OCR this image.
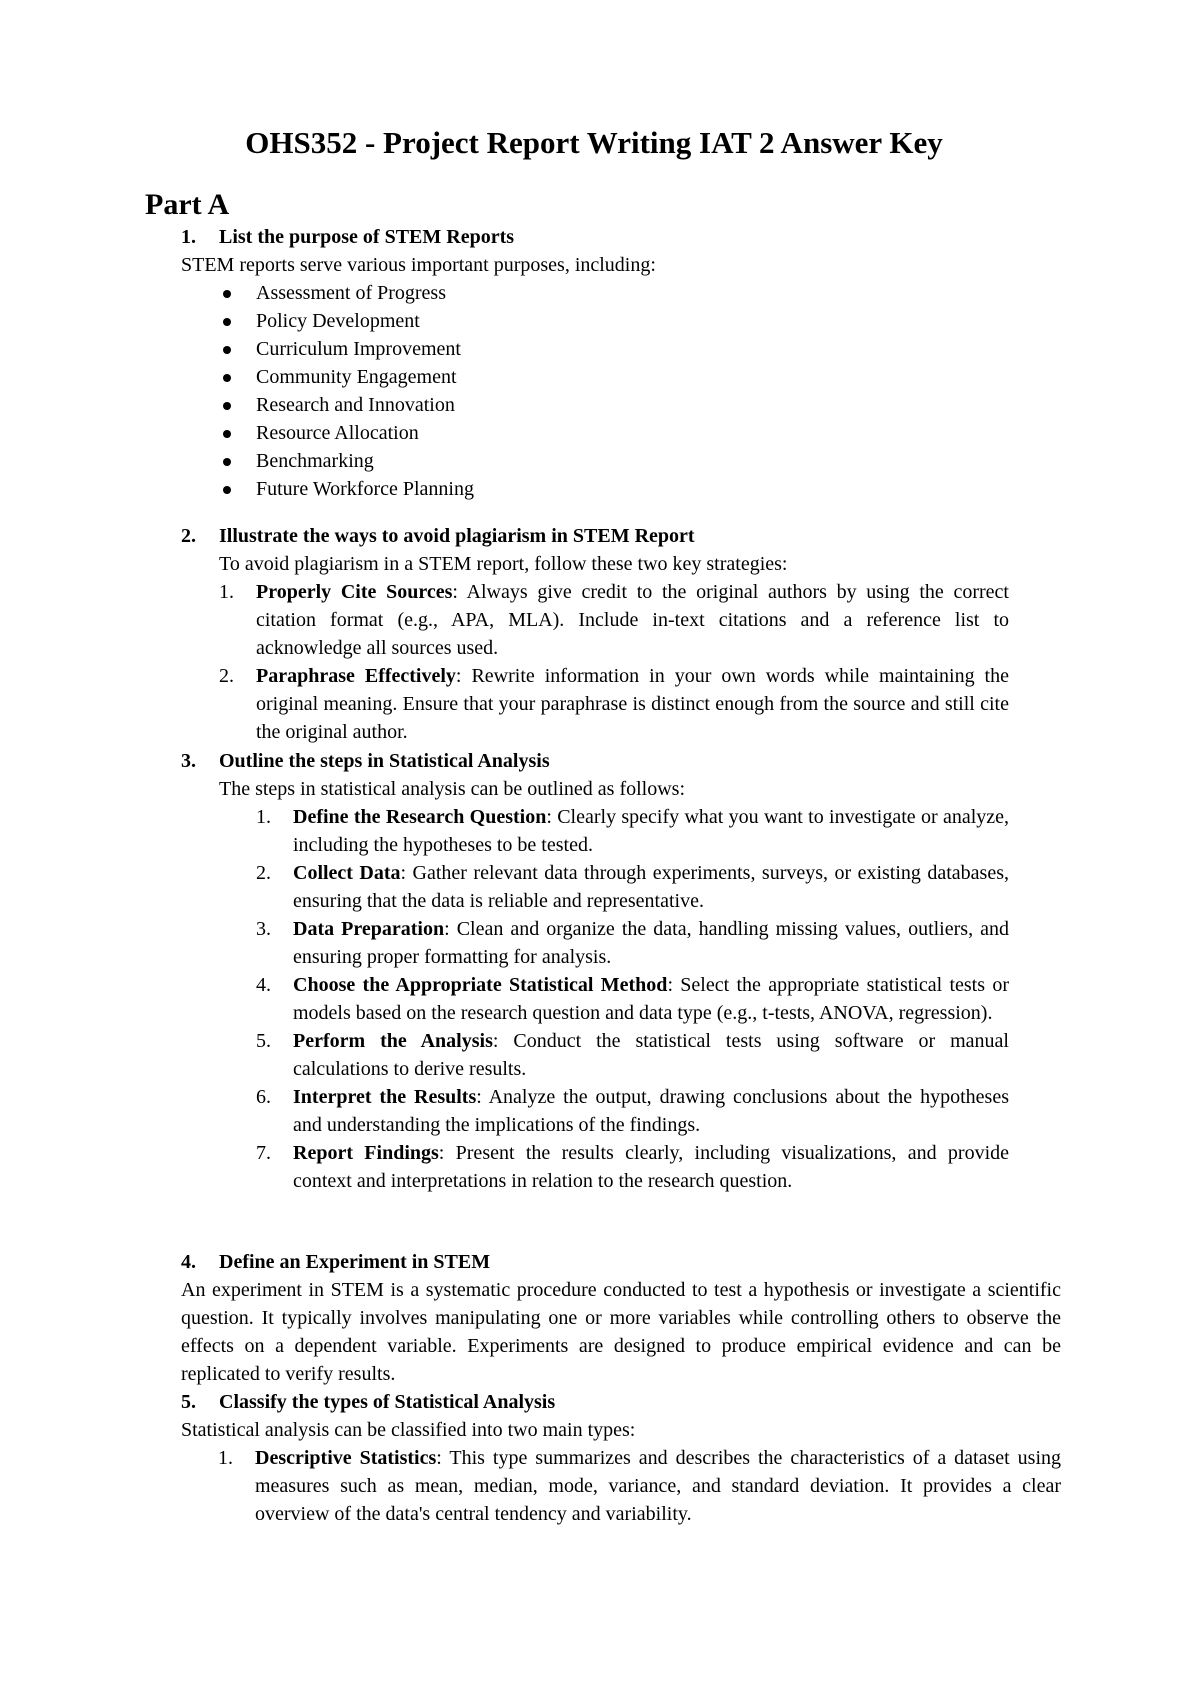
OHS352 - Project Report Writing IAT 2 Answer Key
Part A
1. List the purpose of STEM Reports
STEM reports serve various important purposes, including:
Assessment of Progress
Policy Development
Curriculum Improvement
Community Engagement
Research and Innovation
Resource Allocation
Benchmarking
Future Workforce Planning
2. Illustrate the ways to avoid plagiarism in STEM Report
To avoid plagiarism in a STEM report, follow these two key strategies:
1. Properly Cite Sources: Always give credit to the original authors by using the correct citation format (e.g., APA, MLA). Include in-text citations and a reference list to acknowledge all sources used.
2. Paraphrase Effectively: Rewrite information in your own words while maintaining the original meaning. Ensure that your paraphrase is distinct enough from the source and still cite the original author.
3. Outline the steps in Statistical Analysis
The steps in statistical analysis can be outlined as follows:
1. Define the Research Question: Clearly specify what you want to investigate or analyze, including the hypotheses to be tested.
2. Collect Data: Gather relevant data through experiments, surveys, or existing databases, ensuring that the data is reliable and representative.
3. Data Preparation: Clean and organize the data, handling missing values, outliers, and ensuring proper formatting for analysis.
4. Choose the Appropriate Statistical Method: Select the appropriate statistical tests or models based on the research question and data type (e.g., t-tests, ANOVA, regression).
5. Perform the Analysis: Conduct the statistical tests using software or manual calculations to derive results.
6. Interpret the Results: Analyze the output, drawing conclusions about the hypotheses and understanding the implications of the findings.
7. Report Findings: Present the results clearly, including visualizations, and provide context and interpretations in relation to the research question.
4. Define an Experiment in STEM
An experiment in STEM is a systematic procedure conducted to test a hypothesis or investigate a scientific question. It typically involves manipulating one or more variables while controlling others to observe the effects on a dependent variable. Experiments are designed to produce empirical evidence and can be replicated to verify results.
5. Classify the types of Statistical Analysis
Statistical analysis can be classified into two main types:
1. Descriptive Statistics: This type summarizes and describes the characteristics of a dataset using measures such as mean, median, mode, variance, and standard deviation. It provides a clear overview of the data's central tendency and variability.
